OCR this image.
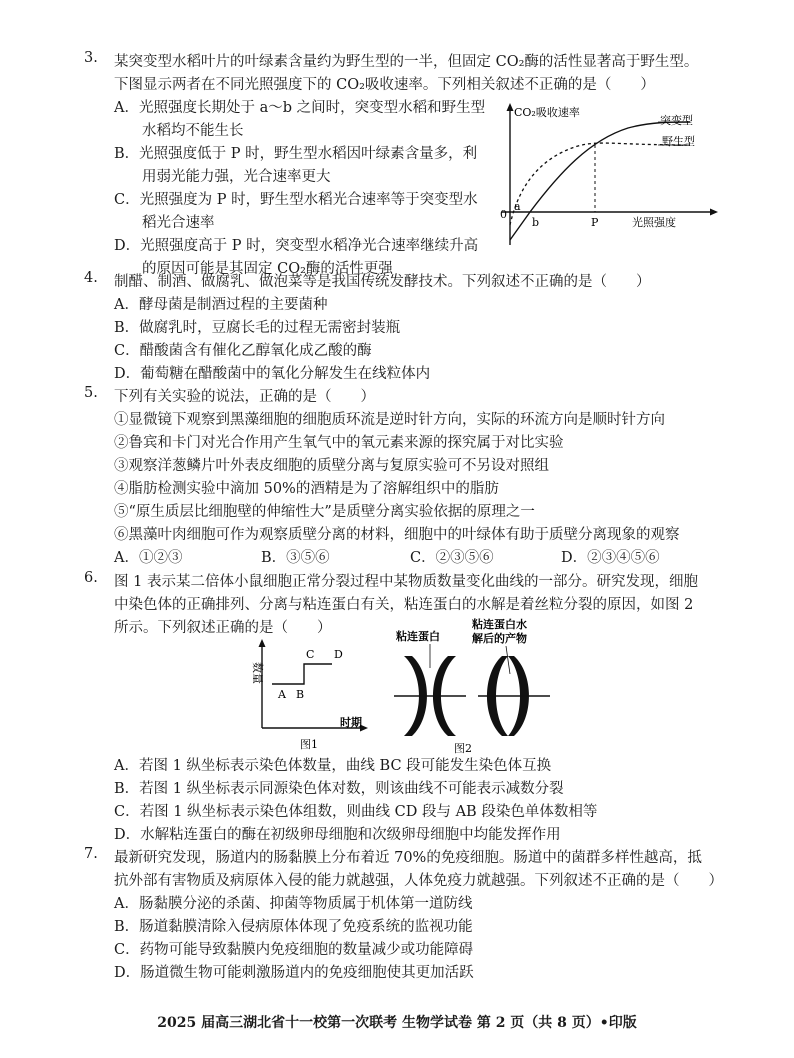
3. 某突变型水稻叶片的叶绿素含量约为野生型的一半，但固定 CO₂酶的活性显著高于野生型。
下图显示两者在不同光照强度下的 CO₂吸收速率。下列相关叙述不正确的是（　　）
A．光照强度长期处于 a～b 之间时，突变型水稻和野生型
水稻均不能生长
B．光照强度低于 P 时，野生型水稻因叶绿素含量多，利
用弱光能力强，光合速率更大
C．光照强度为 P 时，野生型水稻光合速率等于突变型水
稻光合速率
D．光照强度高于 P 时，突变型水稻净光合速率继续升高
的原因可能是其固定 CO₂酶的活性更强
CO₂吸收速率
光照强度
0
突变型
野生型
a
b	P
4. 制醋、制酒、做腐乳、做泡菜等是我国传统发酵技术。下列叙述不正确的是（　　）
A．酵母菌是制酒过程的主要菌种
B．做腐乳时，豆腐长毛的过程无需密封装瓶
C．醋酸菌含有催化乙醇氧化成乙酸的酶
D．葡萄糖在醋酸菌中的氧化分解发生在线粒体内
5. 下列有关实验的说法，正确的是（　　）
①显微镜下观察到黑藻细胞的细胞质环流是逆时针方向，实际的环流方向是顺时针方向
②鲁宾和卡门对光合作用产生氧气中的氧元素来源的探究属于对比实验
③观察洋葱鳞片叶外表皮细胞的质壁分离与复原实验可不另设对照组
④脂肪检测实验中滴加 50%的酒精是为了溶解组织中的脂肪
⑤“原生质层比细胞壁的伸缩性大”是质壁分离实验依据的原理之一
⑥黑藻叶肉细胞可作为观察质壁分离的材料，细胞中的叶绿体有助于质壁分离现象的观察
A．①②③	B．③⑤⑥	C．②③⑤⑥	D．②③④⑤⑥
6. 图 1 表示某二倍体小鼠细胞正常分裂过程中某物质数量变化曲线的一部分。研究发现，细胞
中染色体的正确排列、分离与粘连蛋白有关，粘连蛋白的水解是着丝粒分裂的原因，如图 2
所示。下列叙述正确的是（　　）
数量
时期
A B
C D
图1
粘连蛋白
粘连蛋白水
解后的产物
图2
A．若图 1 纵坐标表示染色体数量，曲线 BC 段可能发生染色体互换
B．若图 1 纵坐标表示同源染色体对数，则该曲线不可能表示减数分裂
C．若图 1 纵坐标表示染色体组数，则曲线 CD 段与 AB 段染色单体数相等
D．水解粘连蛋白的酶在初级卵母细胞和次级卵母细胞中均能发挥作用
7. 最新研究发现，肠道内的肠黏膜上分布着近 70%的免疫细胞。肠道中的菌群多样性越高，抵
抗外部有害物质及病原体入侵的能力就越强，人体免疫力就越强。下列叙述不正确的是（　　）
A．肠黏膜分泌的杀菌、抑菌等物质属于机体第一道防线
B．肠道黏膜清除入侵病原体体现了免疫系统的监视功能
C．药物可能导致黏膜内免疫细胞的数量减少或功能障碍
D．肠道微生物可能刺激肠道内的免疫细胞使其更加活跃
2025 届高三湖北省十一校第一次联考 生物学试卷 第 2 页（共 8 页）•印版
